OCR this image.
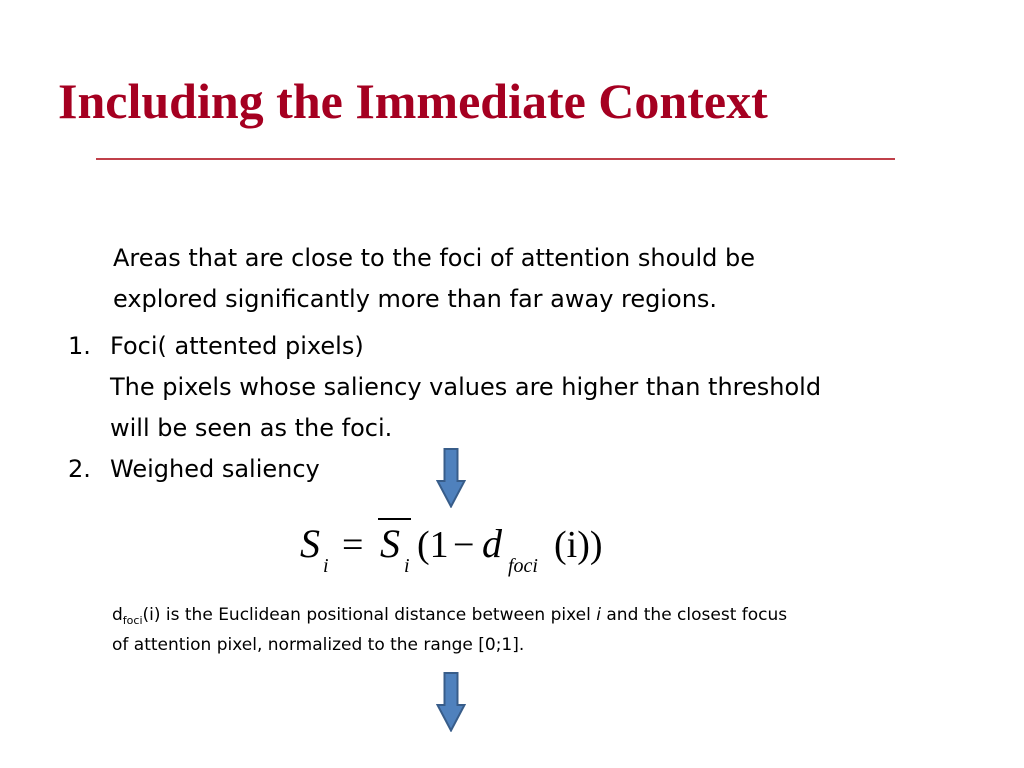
Including the Immediate Context

Areas that are close to the foci of attention should be
explored significantly more than far away regions.

1. Foci( attented pixels)
The pixels whose saliency values are higher than threshold
will be seen as the foci.
2. Weighed saliency
S i = S i (1 − d foci (i))

$d_{foci}(i)$ is the Euclidean positional distance between pixel i and the closest focus
of attention pixel, normalized to the range [0;1].
